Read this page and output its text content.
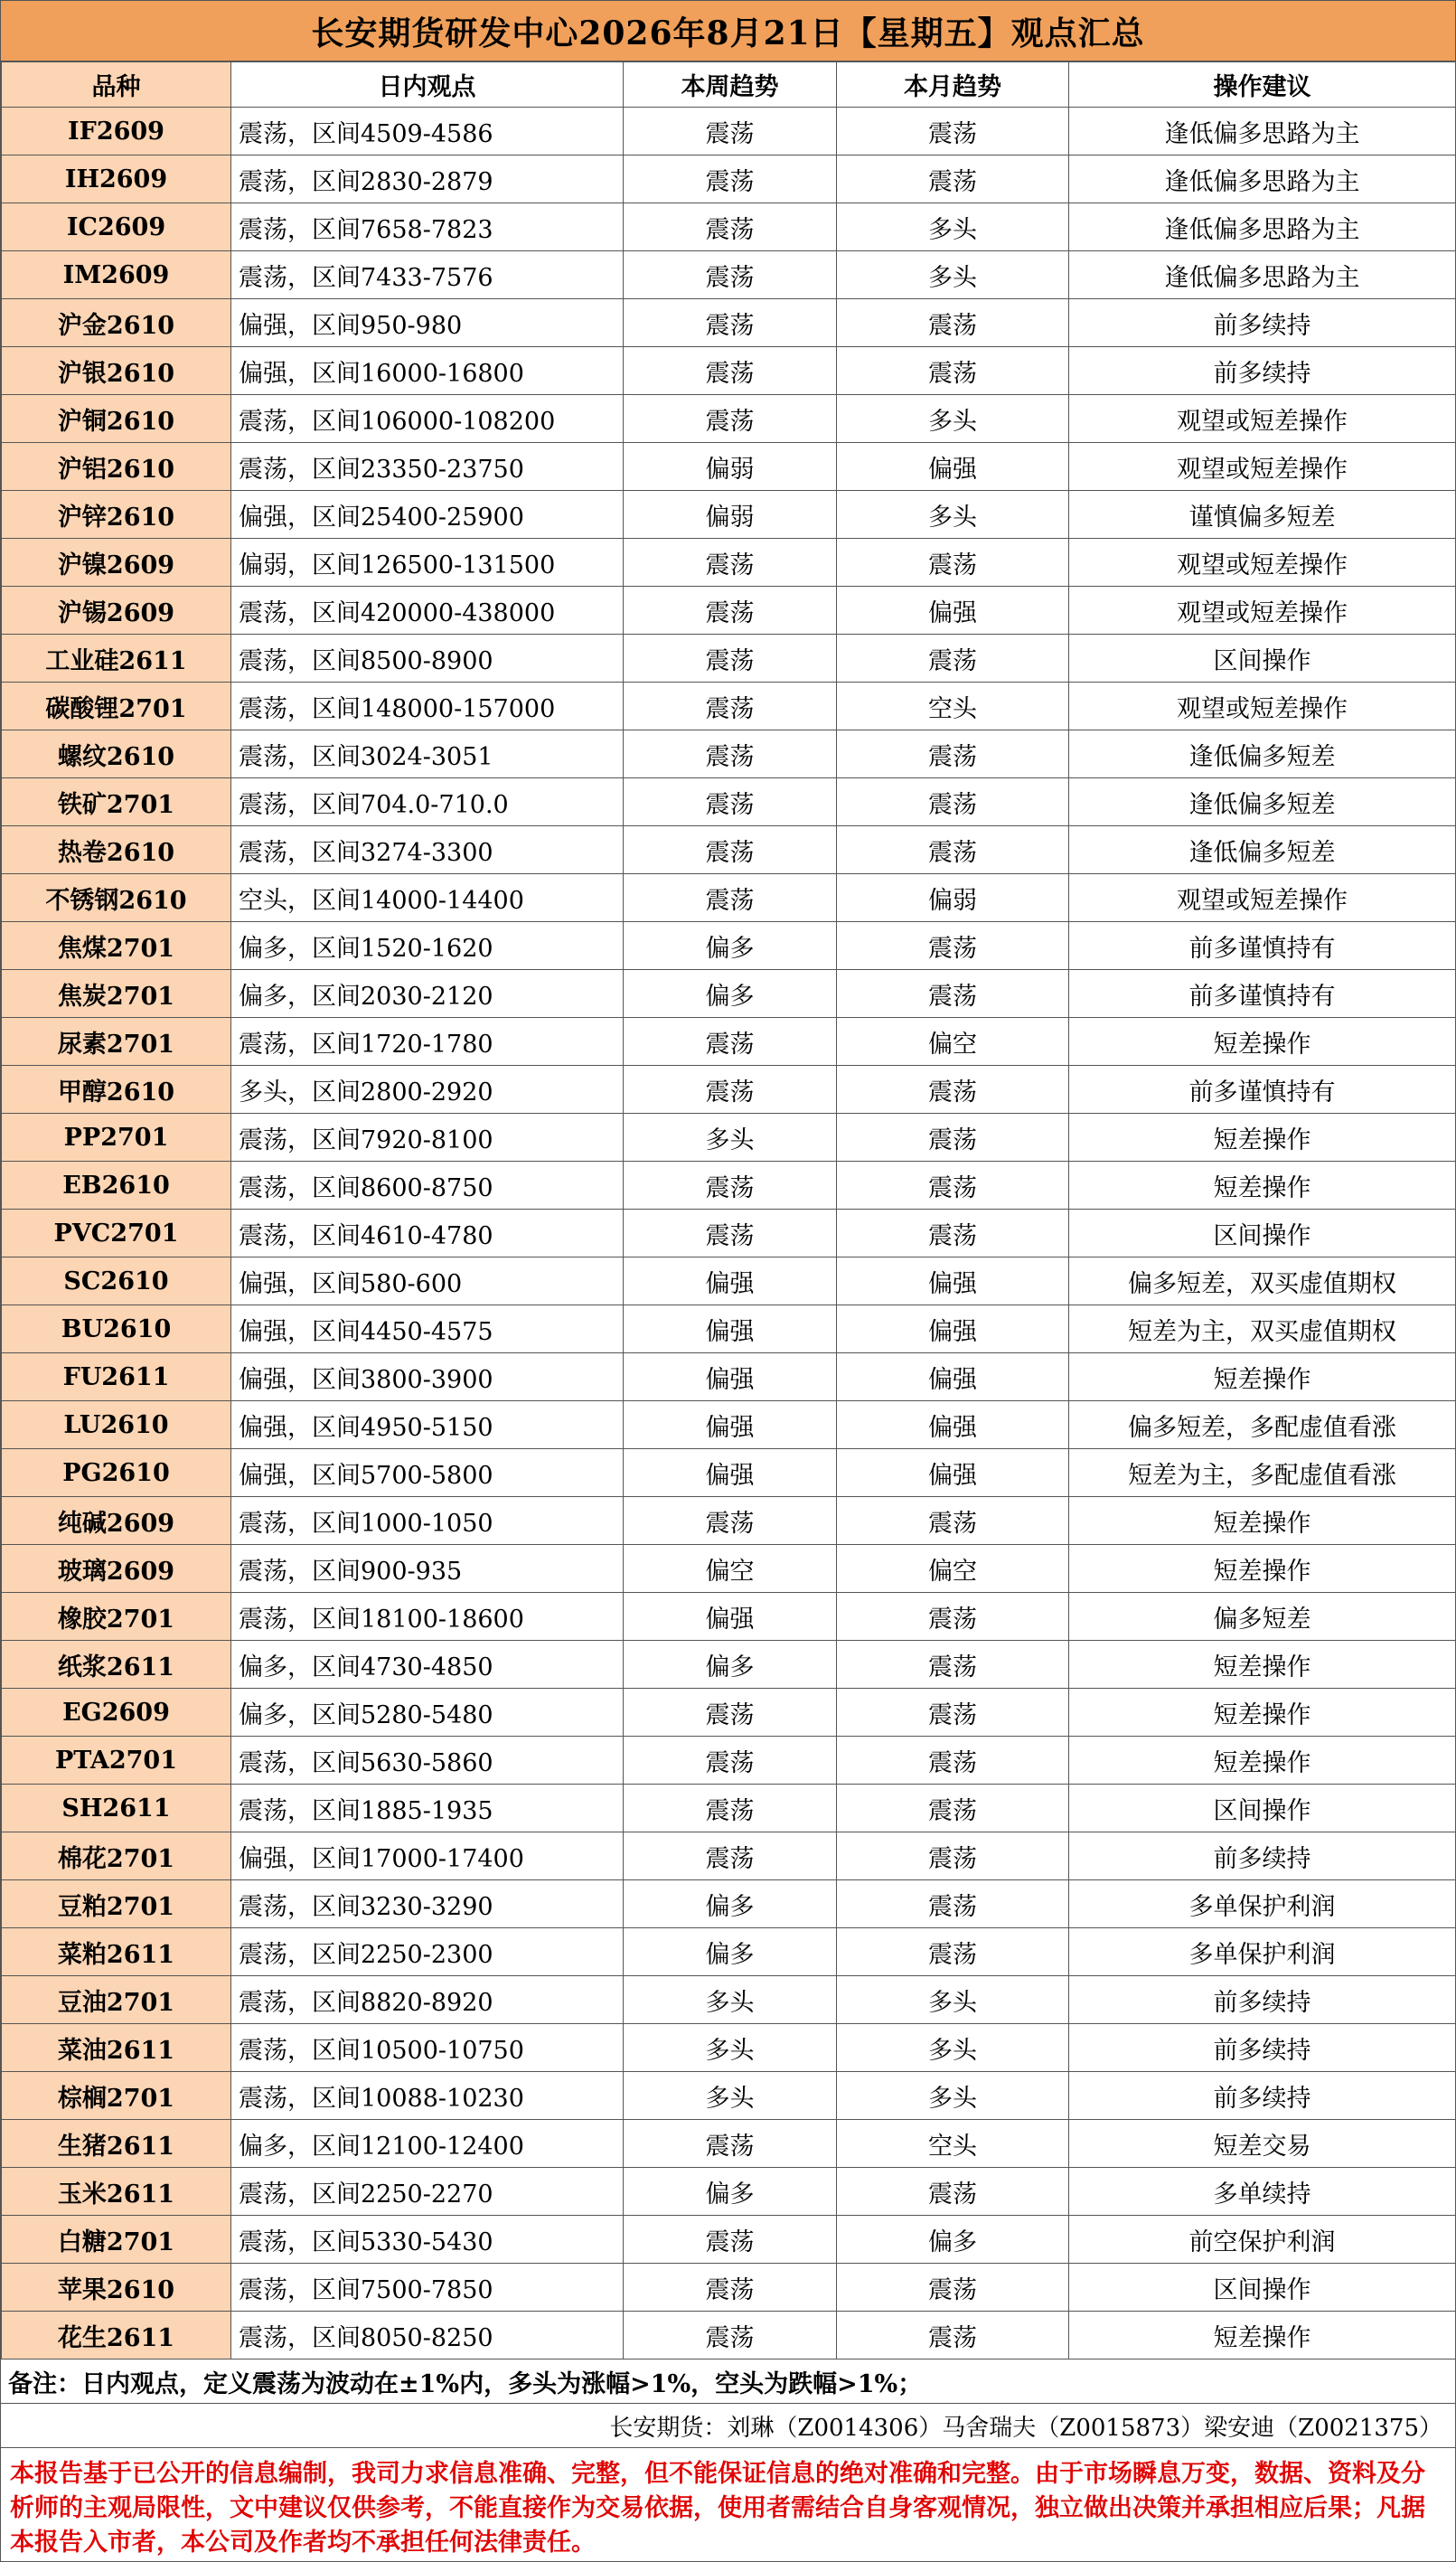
长安期货研发中心2026年8月21日【星期五】观点汇总
品种	日内观点	本周趋势	本月趋势	操作建议
IF2609	震荡，区间4509-4586	震荡	震荡	逢低偏多思路为主
IH2609	震荡，区间2830-2879	震荡	震荡	逢低偏多思路为主
IC2609	震荡，区间7658-7823	震荡	多头	逢低偏多思路为主
IM2609	震荡，区间7433-7576	震荡	多头	逢低偏多思路为主
沪金2610	偏强，区间950-980	震荡	震荡	前多续持
沪银2610	偏强，区间16000-16800	震荡	震荡	前多续持
沪铜2610	震荡，区间106000-108200	震荡	多头	观望或短差操作
沪铝2610	震荡，区间23350-23750	偏弱	偏强	观望或短差操作
沪锌2610	偏强，区间25400-25900	偏弱	多头	谨慎偏多短差
沪镍2609	偏弱，区间126500-131500	震荡	震荡	观望或短差操作
沪锡2609	震荡，区间420000-438000	震荡	偏强	观望或短差操作
工业硅2611	震荡，区间8500-8900	震荡	震荡	区间操作
碳酸锂2701	震荡，区间148000-157000	震荡	空头	观望或短差操作
螺纹2610	震荡，区间3024-3051	震荡	震荡	逢低偏多短差
铁矿2701	震荡，区间704.0-710.0	震荡	震荡	逢低偏多短差
热卷2610	震荡，区间3274-3300	震荡	震荡	逢低偏多短差
不锈钢2610	空头，区间14000-14400	震荡	偏弱	观望或短差操作
焦煤2701	偏多，区间1520-1620	偏多	震荡	前多谨慎持有
焦炭2701	偏多，区间2030-2120	偏多	震荡	前多谨慎持有
尿素2701	震荡，区间1720-1780	震荡	偏空	短差操作
甲醇2610	多头，区间2800-2920	震荡	震荡	前多谨慎持有
PP2701	震荡，区间7920-8100	多头	震荡	短差操作
EB2610	震荡，区间8600-8750	震荡	震荡	短差操作
PVC2701	震荡，区间4610-4780	震荡	震荡	区间操作
SC2610	偏强，区间580-600	偏强	偏强	偏多短差，双买虚值期权
BU2610	偏强，区间4450-4575	偏强	偏强	短差为主，双买虚值期权
FU2611	偏强，区间3800-3900	偏强	偏强	短差操作
LU2610	偏强，区间4950-5150	偏强	偏强	偏多短差，多配虚值看涨
PG2610	偏强，区间5700-5800	偏强	偏强	短差为主，多配虚值看涨
纯碱2609	震荡，区间1000-1050	震荡	震荡	短差操作
玻璃2609	震荡，区间900-935	偏空	偏空	短差操作
橡胶2701	震荡，区间18100-18600	偏强	震荡	偏多短差
纸浆2611	偏多，区间4730-4850	偏多	震荡	短差操作
EG2609	偏多，区间5280-5480	震荡	震荡	短差操作
PTA2701	震荡，区间5630-5860	震荡	震荡	短差操作
SH2611	震荡，区间1885-1935	震荡	震荡	区间操作
棉花2701	偏强，区间17000-17400	震荡	震荡	前多续持
豆粕2701	震荡，区间3230-3290	偏多	震荡	多单保护利润
菜粕2611	震荡，区间2250-2300	偏多	震荡	多单保护利润
豆油2701	震荡，区间8820-8920	多头	多头	前多续持
菜油2611	震荡，区间10500-10750	多头	多头	前多续持
棕榈2701	震荡，区间10088-10230	多头	多头	前多续持
生猪2611	偏多，区间12100-12400	震荡	空头	短差交易
玉米2611	震荡，区间2250-2270	偏多	震荡	多单续持
白糖2701	震荡，区间5330-5430	震荡	偏多	前空保护利润
苹果2610	震荡，区间7500-7850	震荡	震荡	区间操作
花生2611	震荡，区间8050-8250	震荡	震荡	短差操作
备注：日内观点，定义震荡为波动在±1%内，多头为涨幅>1%，空头为跌幅>1%；
长安期货：刘琳（Z0014306）马舍瑞夫（Z0015873）梁安迪（Z0021375）
本报告基于已公开的信息编制，我司力求信息准确、完整，但不能保证信息的绝对准确和完整。由于市场瞬息万变，数据、资料及分析师的主观局限性，文中建议仅供参考，不能直接作为交易依据，使用者需结合自身客观情况，独立做出决策并承担相应后果；凡据本报告入市者，本公司及作者均不承担任何法律责任。
